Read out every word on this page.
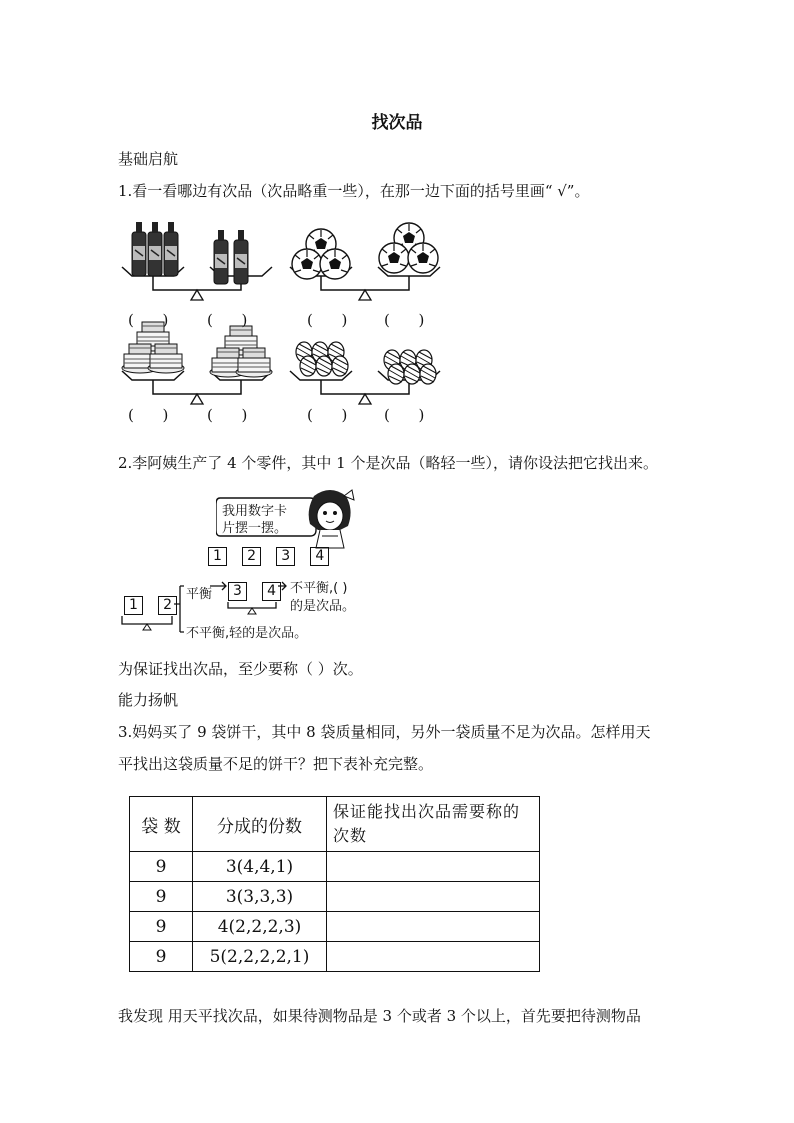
找次品
基础启航
1.看一看哪边有次品（次品略重一些），在那一边下面的括号里画“ √”。
(      )	(      )	(      ) (      )
(      )	(      )	(      ) (      )
2.李阿姨生产了 4 个零件，其中 1 个是次品（略轻一些），请你设法把它找出来。
我用数字卡
片摆一摆。
1 2 3 4
1 2
3 4
平衡	不平衡,( )
的是次品。
不平衡,轻的是次品。
为保证找出次品，至少要称（ ）次。
能力扬帆
3.妈妈买了 9 袋饼干，其中 8 袋质量相同，另外一袋质量不足为次品。怎样用天
平找出这袋质量不足的饼干？把下表补充完整。
袋 数	分成的份数	保证能找出次品需要称的次数
9	3(4,4,1)	
9	3(3,3,3)	
9	4(2,2,2,3)	
9	5(2,2,2,2,1)	
我发现 用天平找次品，如果待测物品是 3 个或者 3 个以上，首先要把待测物品
